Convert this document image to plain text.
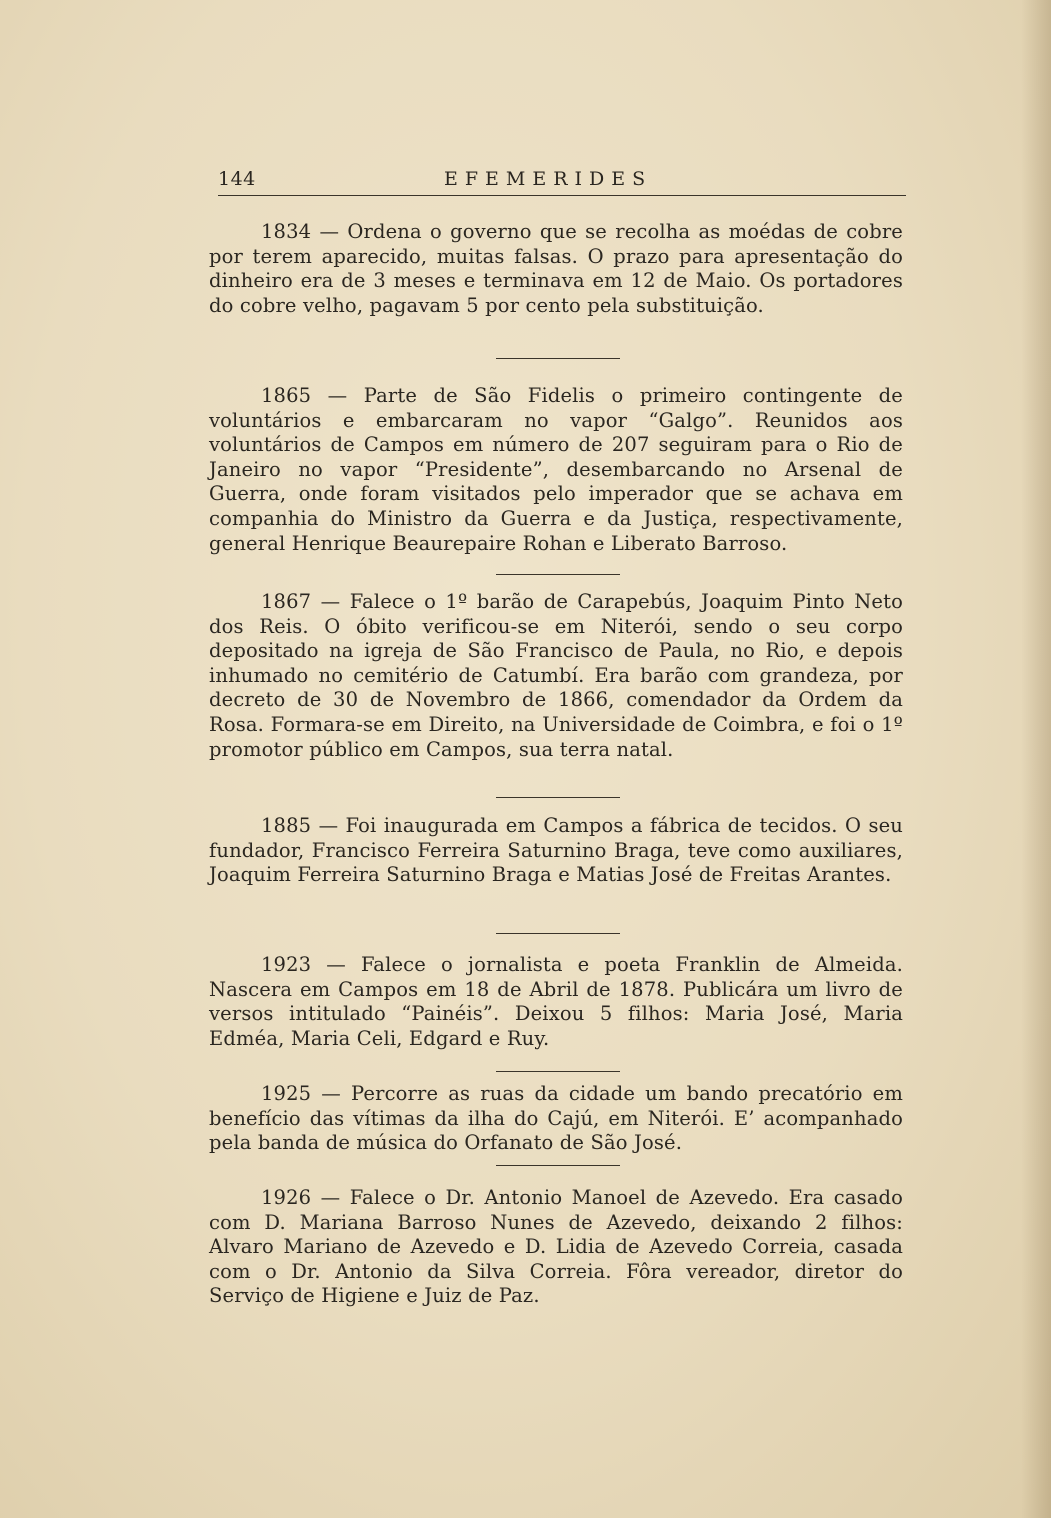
144	EFEMERIDES

1834 — Ordena o governo que se recolha as moédas de cobre por terem aparecido, muitas falsas. O prazo para apresentação do dinheiro era de 3 meses e terminava em 12 de Maio. Os portadores do cobre velho, pagavam 5 por cento pela substituição.

1865 — Parte de São Fidelis o primeiro contingente de voluntários e embarcaram no vapor “Galgo”. Reunidos aos voluntários de Campos em número de 207 seguiram para o Rio de Janeiro no vapor “Presidente”, desembarcando no Arsenal de Guerra, onde foram visitados pelo imperador que se achava em companhia do Ministro da Guerra e da Justiça, respectivamente, general Henrique Beaurepaire Rohan e Liberato Barroso.

1867 — Falece o 1º barão de Carapebús, Joaquim Pinto Neto dos Reis. O óbito verificou-se em Niterói, sendo o seu corpo depositado na igreja de São Francisco de Paula, no Rio, e depois inhumado no cemitério de Catumbí. Era barão com grandeza, por decreto de 30 de Novembro de 1866, comendador da Ordem da Rosa. Formara-se em Direito, na Universidade de Coimbra, e foi o 1º promotor público em Campos, sua terra natal.

1885 — Foi inaugurada em Campos a fábrica de tecidos. O seu fundador, Francisco Ferreira Saturnino Braga, teve como auxiliares, Joaquim Ferreira Saturnino Braga e Matias José de Freitas Arantes.

1923 — Falece o jornalista e poeta Franklin de Almeida. Nascera em Campos em 18 de Abril de 1878. Publicára um livro de versos intitulado “Painéis”. Deixou 5 filhos: Maria José, Maria Edméa, Maria Celi, Edgard e Ruy.

1925 — Percorre as ruas da cidade um bando precatório em benefício das vítimas da ilha do Cajú, em Niterói. E’ acompanhado pela banda de música do Orfanato de São José.

1926 — Falece o Dr. Antonio Manoel de Azevedo. Era casado com D. Mariana Barroso Nunes de Azevedo, deixando 2 filhos: Alvaro Mariano de Azevedo e D. Lidia de Azevedo Correia, casada com o Dr. Antonio da Silva Correia. Fôra vereador, diretor do Serviço de Higiene e Juiz de Paz.
